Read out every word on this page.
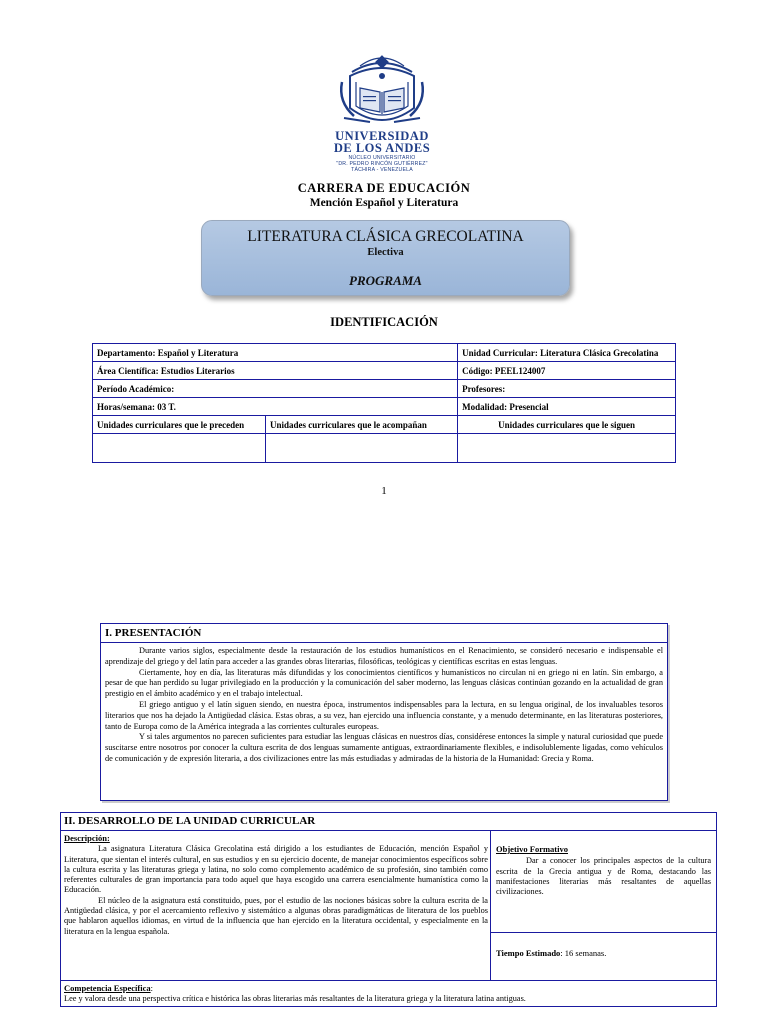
UNIVERSIDAD
DE LOS ANDES
NÚCLEO UNIVERSITARIO
"DR. PEDRO RINCÓN GUTIÉRREZ"
TÁCHIRA - VENEZUELA
CARRERA DE EDUCACIÓN
Mención Español y Literatura
LITERATURA CLÁSICA GRECOLATINA
Electiva
PROGRAMA
IDENTIFICACIÓN
Departamento: Español y Literatura		Unidad Curricular: Literatura Clásica Grecolatina
Área Científica: Estudios Literarios		Código: PEEL124007
Período Académico:		Profesores:
Horas/semana: 03 T.		Modalidad: Presencial
Unidades curriculares que le preceden	Unidades curriculares que le acompañan	Unidades curriculares que le siguen

1
I. PRESENTACIÓN

Durante varios siglos, especialmente desde la restauración de los estudios humanísticos en el Renacimiento, se consideró necesario e indispensable el aprendizaje del griego y del latín para acceder a las grandes obras literarias, filosóficas, teológicas y científicas escritas en estas lenguas.

Ciertamente, hoy en día, las literaturas más difundidas y los conocimientos científicos y humanísticos no circulan ni en griego ni en latín. Sin embargo, a pesar de que han perdido su lugar privilegiado en la producción y la comunicación del saber moderno, las lenguas clásicas continúan gozando en la actualidad de gran prestigio en el ámbito académico y en el trabajo intelectual.

El griego antiguo y el latín siguen siendo, en nuestra época, instrumentos indispensables para la lectura, en su lengua original, de los invaluables tesoros literarios que nos ha dejado la Antigüedad clásica. Estas obras, a su vez, han ejercido una influencia constante, y a menudo determinante, en las literaturas posteriores, tanto de Europa como de la América integrada a las corrientes culturales europeas.

Y si tales argumentos no parecen suficientes para estudiar las lenguas clásicas en nuestros días, considérese entonces la simple y natural curiosidad que puede suscitarse entre nosotros por conocer la cultura escrita de dos lenguas sumamente antiguas, extraordinariamente flexibles, e indisolublemente ligadas, como vehículos de comunicación y de expresión literaria, a dos civilizaciones entre las más estudiadas y admiradas de la historia de la Humanidad: Grecia y Roma.

II. DESARROLLO DE LA UNIDAD CURRICULAR
Descripción:

La asignatura Literatura Clásica Grecolatina está dirigido a los estudiantes de Educación, mención Español y Literatura, que sientan el interés cultural, en sus estudios y en su ejercicio docente, de manejar conocimientos específicos sobre la cultura escrita y las literaturas griega y latina, no solo como complemento académico de su profesión, sino también como referentes culturales de gran importancia para todo aquel que haya escogido una carrera esencialmente humanística como la Educación.

El núcleo de la asignatura está constituido, pues, por el estudio de las nociones básicas sobre la cultura escrita de la Antigüedad clásica, y por el acercamiento reflexivo y sistemático a algunas obras paradigmáticas de literatura de los pueblos que hablaron aquellos idiomas, en virtud de la influencia que han ejercido en la literatura occidental, y especialmente en la literatura en la lengua española.

Objetivo Formativo

Dar a conocer los principales aspectos de la cultura escrita de la Grecia antigua y de Roma, destacando las manifestaciones literarias más resaltantes de aquellas civilizaciones.

Tiempo Estimado: 16 semanas.
Competencia Específica:
Lee y valora desde una perspectiva crítica e histórica las obras literarias más resaltantes de la literatura griega y la literatura latina antiguas.
